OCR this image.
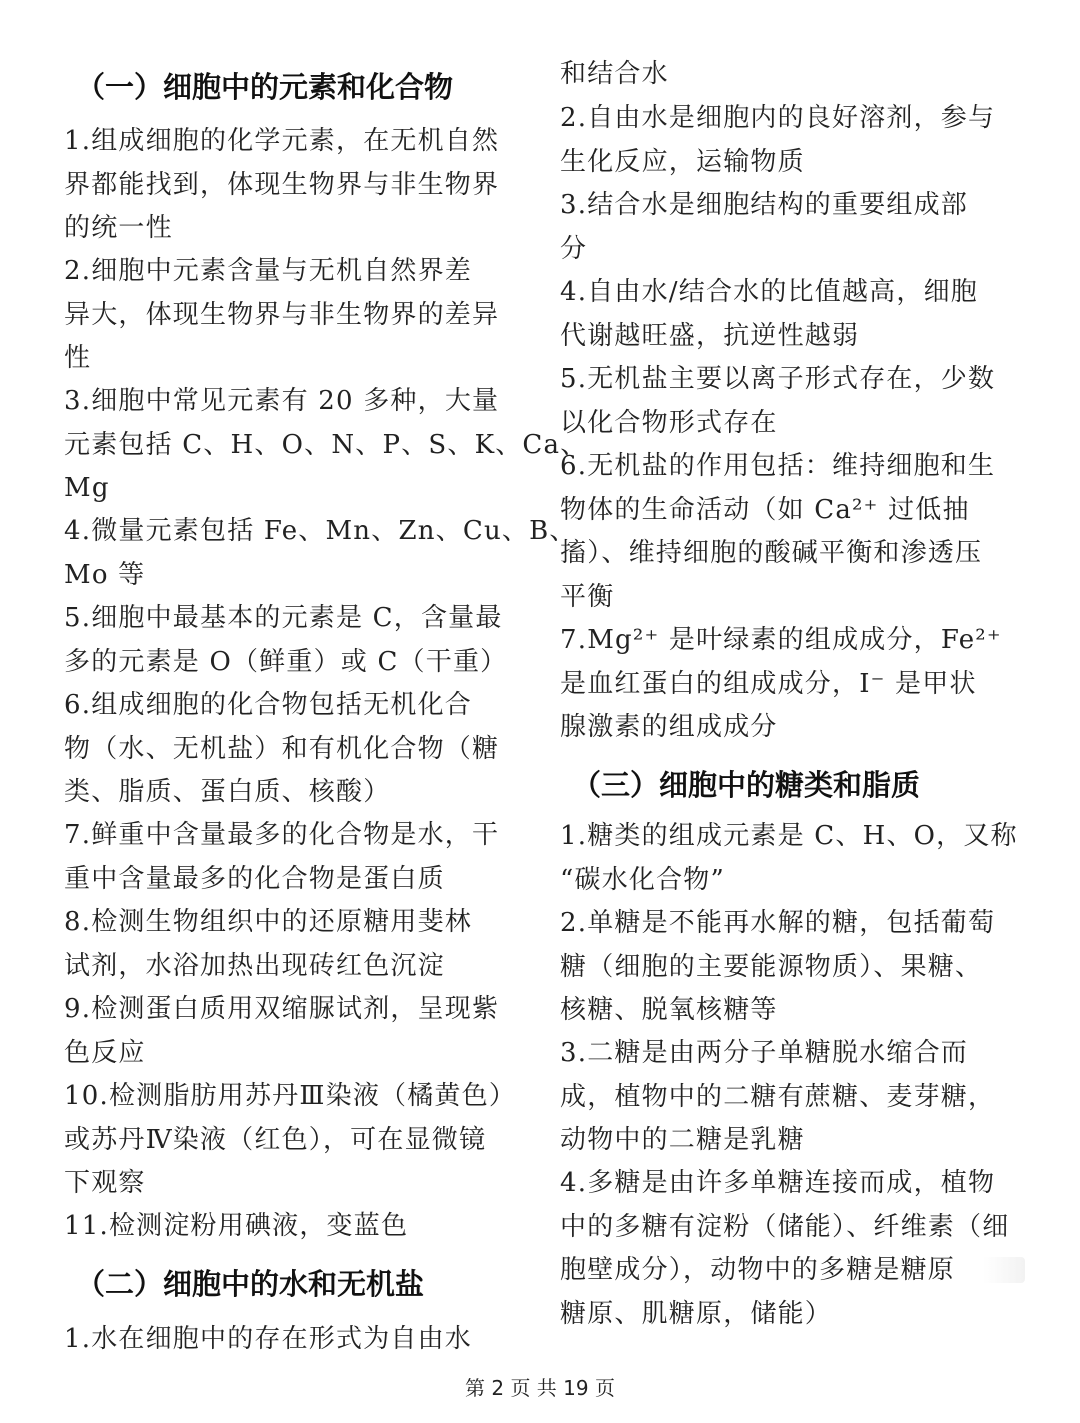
（一）细胞中的元素和化合物
1.组成细胞的化学元素，在无机自然
界都能找到，体现生物界与非生物界
的统一性
2.细胞中元素含量与无机自然界差
异大，体现生物界与非生物界的差异
性
3.细胞中常见元素有 20 多种，大量
元素包括 C、H、O、N、P、S、K、Ca、
Mg
4.微量元素包括 Fe、Mn、Zn、Cu、B、
Mo 等
5.细胞中最基本的元素是 C，含量最
多的元素是 O（鲜重）或 C（干重）
6.组成细胞的化合物包括无机化合
物（水、无机盐）和有机化合物（糖
类、脂质、蛋白质、核酸）
7.鲜重中含量最多的化合物是水，干
重中含量最多的化合物是蛋白质
8.检测生物组织中的还原糖用斐林
试剂，水浴加热出现砖红色沉淀
9.检测蛋白质用双缩脲试剂，呈现紫
色反应
10.检测脂肪用苏丹Ⅲ染液（橘黄色）
或苏丹Ⅳ染液（红色），可在显微镜
下观察
11.检测淀粉用碘液，变蓝色
（二）细胞中的水和无机盐
1.水在细胞中的存在形式为自由水
和结合水
2.自由水是细胞内的良好溶剂，参与
生化反应，运输物质
3.结合水是细胞结构的重要组成部
分
4.自由水/结合水的比值越高，细胞
代谢越旺盛，抗逆性越弱
5.无机盐主要以离子形式存在，少数
以化合物形式存在
6.无机盐的作用包括：维持细胞和生
物体的生命活动（如 Ca²⁺ 过低抽
搐）、维持细胞的酸碱平衡和渗透压
平衡
7.Mg²⁺ 是叶绿素的组成成分，Fe²⁺
是血红蛋白的组成成分，I⁻ 是甲状
腺激素的组成成分
（三）细胞中的糖类和脂质
1.糖类的组成元素是 C、H、O，又称
“碳水化合物”
2.单糖是不能再水解的糖，包括葡萄
糖（细胞的主要能源物质）、果糖、
核糖、脱氧核糖等
3.二糖是由两分子单糖脱水缩合而
成，植物中的二糖有蔗糖、麦芽糖，
动物中的二糖是乳糖
4.多糖是由许多单糖连接而成，植物
中的多糖有淀粉（储能）、纤维素（细
胞壁成分），动物中的多糖是糖原
糖原、肌糖原，储能）
第 2 页 共 19 页
